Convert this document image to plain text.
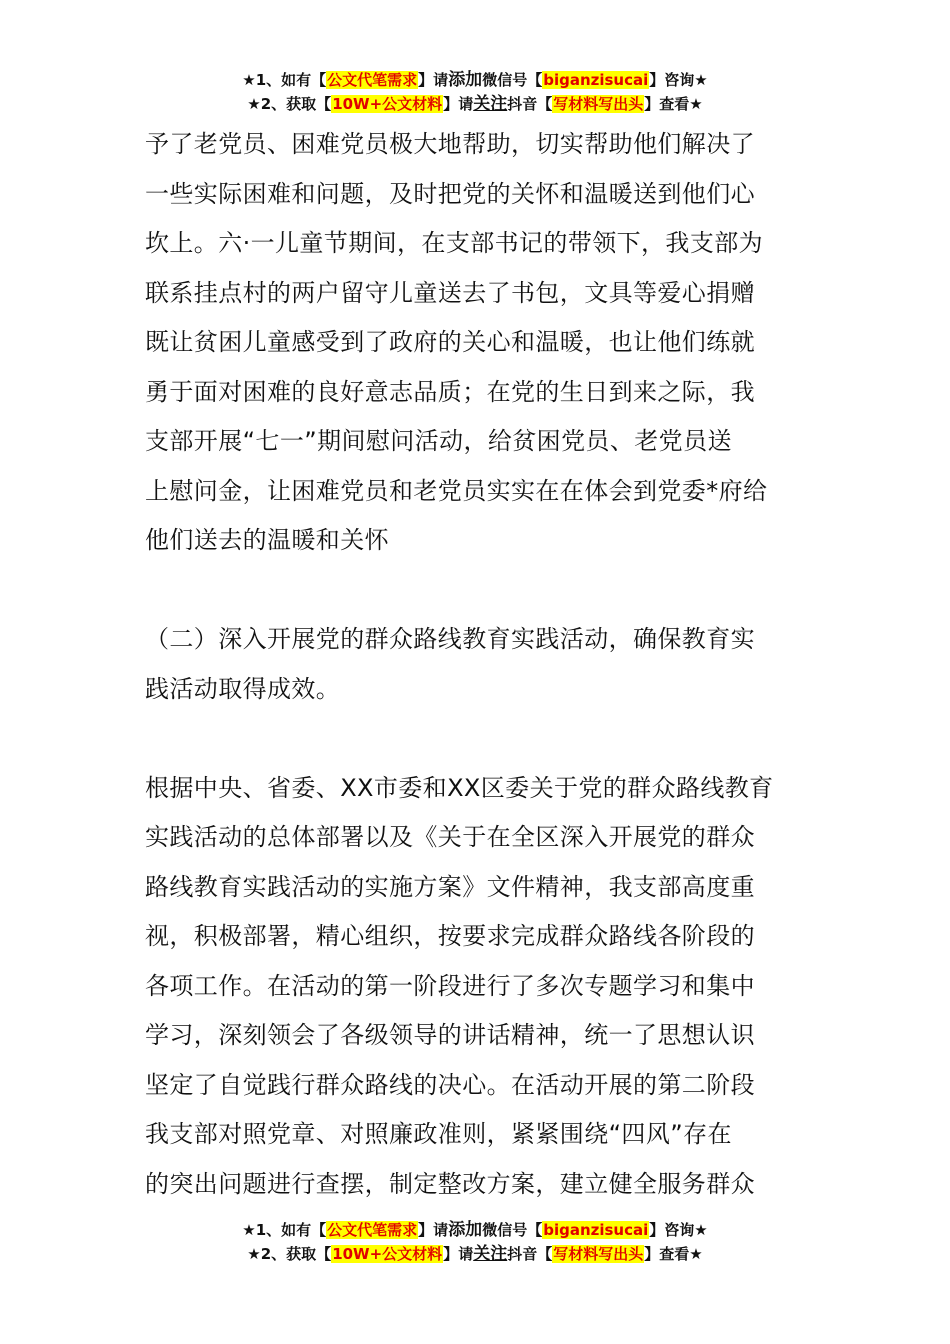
★1、如有【公文代笔需求】请添加微信号【biganzisucai】咨询★
★2、获取【10W+公文材料】请关注抖音【写材料写出头】查看★

予了老党员、困难党员极大地帮助，切实帮助他们解决了

一些实际困难和问题，及时把党的关怀和温暖送到他们心

坎上。六·一儿童节期间，在支部书记的带领下，我支部为

联系挂点村的两户留守儿童送去了书包，文具等爱心捐赠

既让贫困儿童感受到了政府的关心和温暖，也让他们练就

勇于面对困难的良好意志品质；在党的生日到来之际，我

支部开展“七一”期间慰问活动，给贫困党员、老党员送

上慰问金，让困难党员和老党员实实在在体会到党委*府给

他们送去的温暖和关怀

（二）深入开展党的群众路线教育实践活动，确保教育实

践活动取得成效。

根据中央、省委、XX市委和XX区委关于党的群众路线教育

实践活动的总体部署以及《关于在全区深入开展党的群众

路线教育实践活动的实施方案》文件精神，我支部高度重

视，积极部署，精心组织，按要求完成群众路线各阶段的

各项工作。在活动的第一阶段进行了多次专题学习和集中

学习，深刻领会了各级领导的讲话精神，统一了思想认识

坚定了自觉践行群众路线的决心。在活动开展的第二阶段

我支部对照党章、对照廉政准则，紧紧围绕“四风”存在

的突出问题进行查摆，制定整改方案，建立健全服务群众

★1、如有【公文代笔需求】请添加微信号【biganzisucai】咨询★
★2、获取【10W+公文材料】请关注抖音【写材料写出头】查看★
